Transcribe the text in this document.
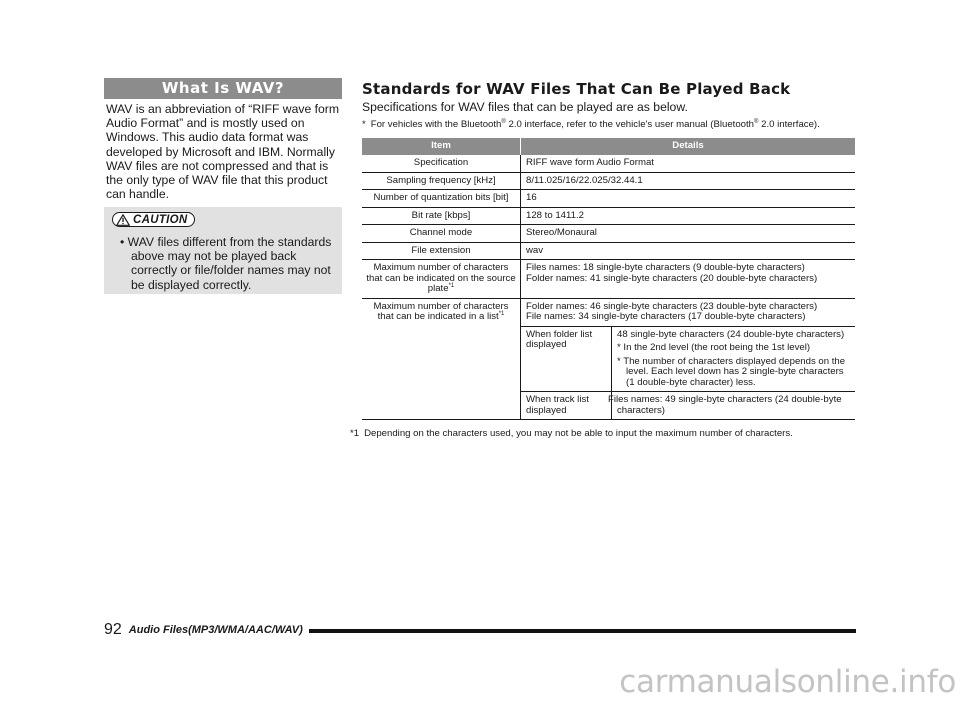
What Is WAV?
WAV is an abbreviation of “RIFF wave form Audio Format” and is mostly used on Windows. This audio data format was developed by Microsoft and IBM. Normally WAV files are not compressed and that is the only type of WAV file that this product can handle.
CAUTION
• WAV files different from the standards above may not be played back correctly or file/folder names may not be displayed correctly.
Standards for WAV Files That Can Be Played Back
Specifications for WAV files that can be played are as below.
* For vehicles with the Bluetooth® 2.0 interface, refer to the vehicle's user manual (Bluetooth® 2.0 interface).
Item	Details	
Specification	RIFF wave form Audio Format	
Sampling frequency [kHz]	8/11.025/16/22.025/32.44.1	
Number of quantization bits [bit]	16	
Bit rate [kbps]	128 to 1411.2	
Channel mode	Stereo/Monaural	
File extension	wav	
Maximum number of characters that can be indicated on the source plate$^{*1}$	Files names: 18 single-byte characters (9 double-byte characters)
Folder names: 41 single-byte characters (20 double-byte characters)	

Maximum number of characters that can be indicated in a list$^{*1}$	Folder names: 46 single-byte characters (23 double-byte characters)
File names: 34 single-byte characters (17 double-byte characters)	

	When folder list displayed	48 single-byte characters (24 double-byte characters)
* In the 2nd level (the root being the 1st level)
* The number of characters displayed depends on the level. Each level down has 2 single-byte characters (1 double-byte character) less.

	When track list displayed	Files names: 49 single-byte characters (24 double-byte characters)
*1 Depending on the characters used, you may not be able to input the maximum number of characters.
92 Audio Files(MP3/WMA/AAC/WAV)
carmanualsonline.info
